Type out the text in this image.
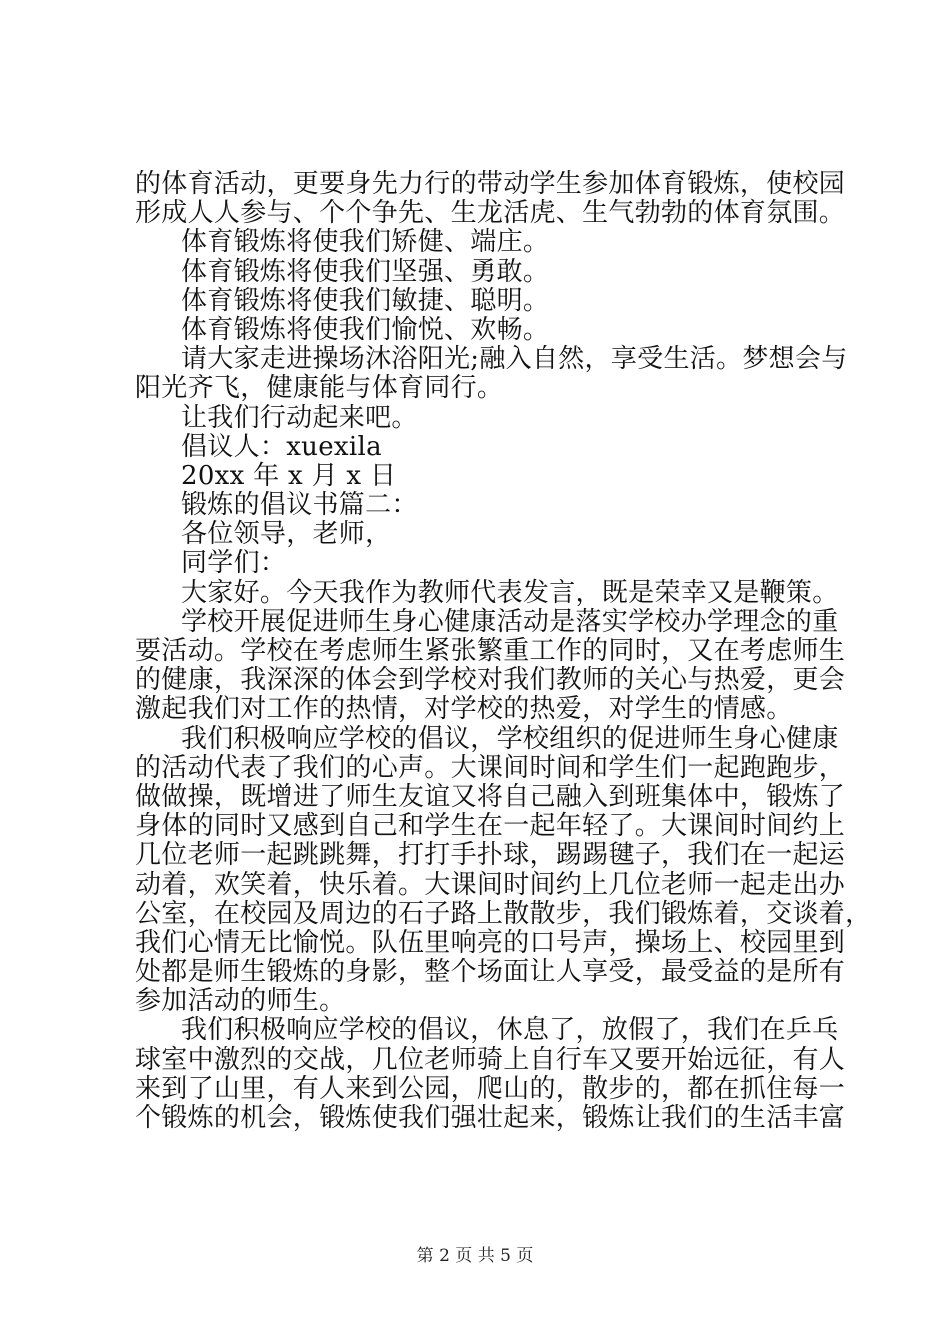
的体育活动，更要身先力行的带动学生参加体育锻炼，使校园
形成人人参与、个个争先、生龙活虎、生气勃勃的体育氛围。
体育锻炼将使我们矫健、端庄。
体育锻炼将使我们坚强、勇敢。
体育锻炼将使我们敏捷、聪明。
体育锻炼将使我们愉悦、欢畅。
请大家走进操场沐浴阳光;融入自然，享受生活。梦想会与
阳光齐飞，健康能与体育同行。
让我们行动起来吧。
倡议人：xuexila
20xx 年 x 月 x 日
锻炼的倡议书篇二：
各位领导，老师，
同学们：
大家好。今天我作为教师代表发言，既是荣幸又是鞭策。
学校开展促进师生身心健康活动是落实学校办学理念的重
要活动。学校在考虑师生紧张繁重工作的同时，又在考虑师生
的健康，我深深的体会到学校对我们教师的关心与热爱，更会
激起我们对工作的热情，对学校的热爱，对学生的情感。
我们积极响应学校的倡议，学校组织的促进师生身心健康
的活动代表了我们的心声。大课间时间和学生们一起跑跑步，
做做操，既增进了师生友谊又将自己融入到班集体中，锻炼了
身体的同时又感到自己和学生在一起年轻了。大课间时间约上
几位老师一起跳跳舞，打打手扑球，踢踢毽子，我们在一起运
动着，欢笑着，快乐着。大课间时间约上几位老师一起走出办
公室，在校园及周边的石子路上散散步，我们锻炼着，交谈着，
我们心情无比愉悦。队伍里响亮的口号声，操场上、校园里到
处都是师生锻炼的身影，整个场面让人享受，最受益的是所有
参加活动的师生。
我们积极响应学校的倡议，休息了，放假了，我们在乒乓
球室中激烈的交战，几位老师骑上自行车又要开始远征，有人
来到了山里，有人来到公园，爬山的，散步的，都在抓住每一
个锻炼的机会，锻炼使我们强壮起来，锻炼让我们的生活丰富
第 2 页 共 5 页
